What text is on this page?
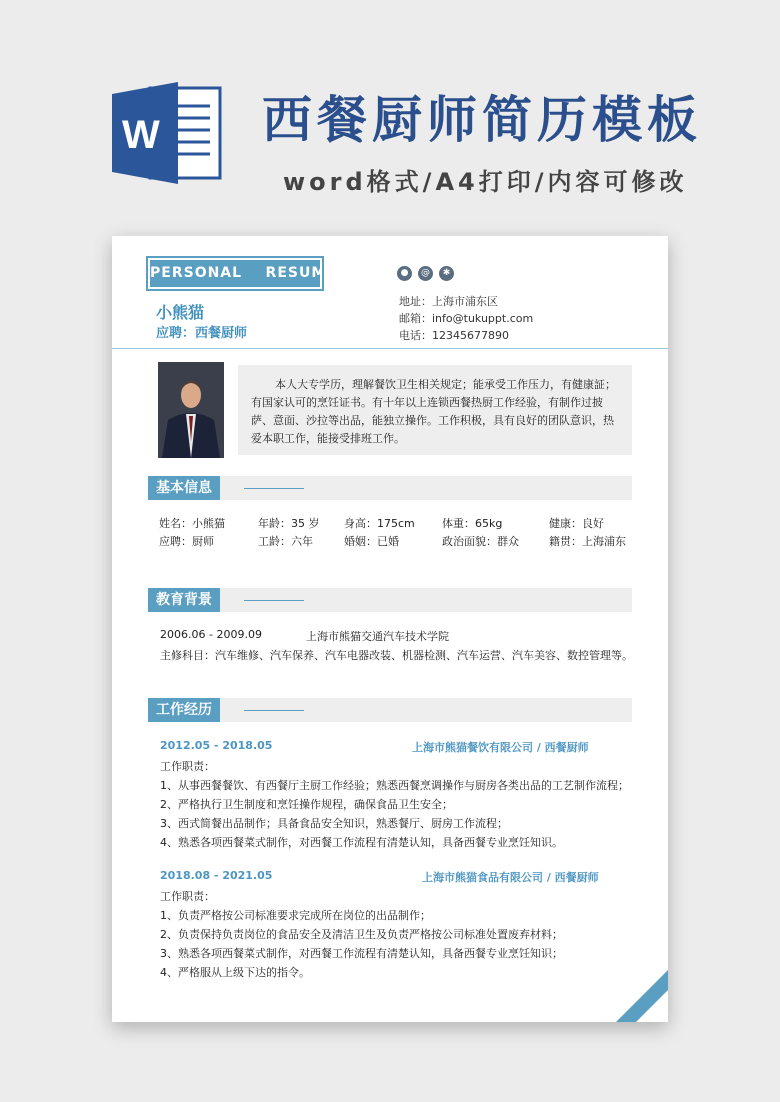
W 西餐厨师简历模板
word格式/A4打印/内容可修改
PERSONAL    RESUME
小熊猫
应聘：西餐厨师
●	@	✱
地址：上海市浦东区
邮箱：info@tukuppt.com
电话：12345677890
本人大专学历，理解餐饮卫生相关规定；能承受工作压力，有健康証；有国家认可的烹饪证书。有十年以上连锁西餐热厨工作经验，有制作过披萨、意面、沙拉等出品，能独立操作。工作积极，具有良好的团队意识，热爱本职工作，能接受排班工作。
基本信息
姓名：小熊猫	年龄：35 岁 身高：175cm 体重：65kg	健康：良好
应聘：厨师	工龄：六年	婚姻：已婚	政治面貌：群众	籍贯：上海浦东
教育背景
2006.06 - 2009.09	上海市熊猫交通汽车技术学院
主修科目：汽车维修、汽车保养、汽车电器改装、机器检测、汽车运营、汽车美容、数控管理等。
工作经历
2012.05 - 2018.05	上海市熊猫餐饮有限公司 / 西餐厨师
工作职责：
1、从事西餐餐饮、有西餐厅主厨工作经验；熟悉西餐烹调操作与厨房各类出品的工艺制作流程；
2、严格执行卫生制度和烹饪操作规程，确保食品卫生安全；
3、西式简餐出品制作；具备食品安全知识，熟悉餐厅、厨房工作流程；
4、熟悉各项西餐菜式制作，对西餐工作流程有清楚认知，具备西餐专业烹饪知识。
2018.08 - 2021.05	上海市熊猫食品有限公司 / 西餐厨师
工作职责：
1、负责严格按公司标准要求完成所在岗位的出品制作；
2、负责保持负责岗位的食品安全及清洁卫生及负责严格按公司标准处置废弃材料；
3、熟悉各项西餐菜式制作，对西餐工作流程有清楚认知，具备西餐专业烹饪知识；
4、严格服从上级下达的指令。
